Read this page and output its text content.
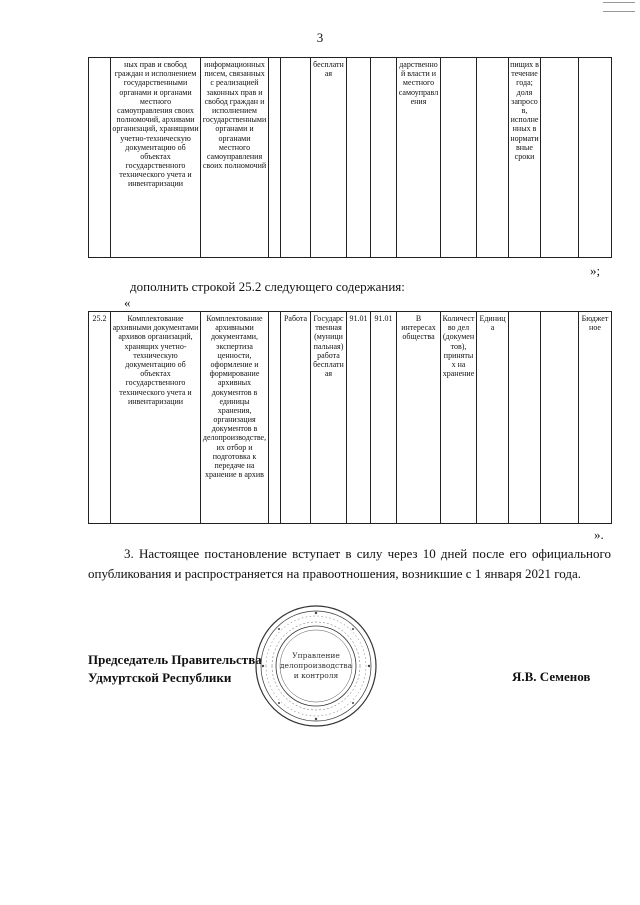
3
	ных прав и свобод граждан и исполнением государственными органами и органами местного самоуправления своих полномочий, архивами организаций, хранящими учетно-техническую документацию об объектах государственного технического учета и инвентаризации	информационных писем, связанных с реализацией законных прав и свобод граждан и исполнением государственными органами и органами местного самоуправления своих полномочий			бесплатная			дарственной власти и местного самоуправления			пищих в течение года; доля запросов, исполненных в нормативные сроки		
»;
дополнить строкой 25.2 следующего содержания:
«
25.2	Комплектование архивными документами архивов организаций, хранящих учетно-техническую документацию об объектах государственного технического учета и инвентаризации	Комплектование архивными документами, экспертиза ценности, оформление и формирование архивных документов в единицы хранения, организация документов в делопроизводстве, их отбор и подготовка к передаче на хранение в архив		Работа	Государственная (муниципальная) работа бесплатная	91.01	91.01	В интересах общества	Количество дел (документов), принятых на хранение	Единица			Бюджетное
».
3. Настоящее постановление вступает в силу через 10 дней после его официального опубликования и распространяется на правоотношения, возникшие с 1 января 2021 года.
Председатель Правительства
Удмуртской Республики	Я.В. Семенов
Управление
делопроизводства
и контроля
